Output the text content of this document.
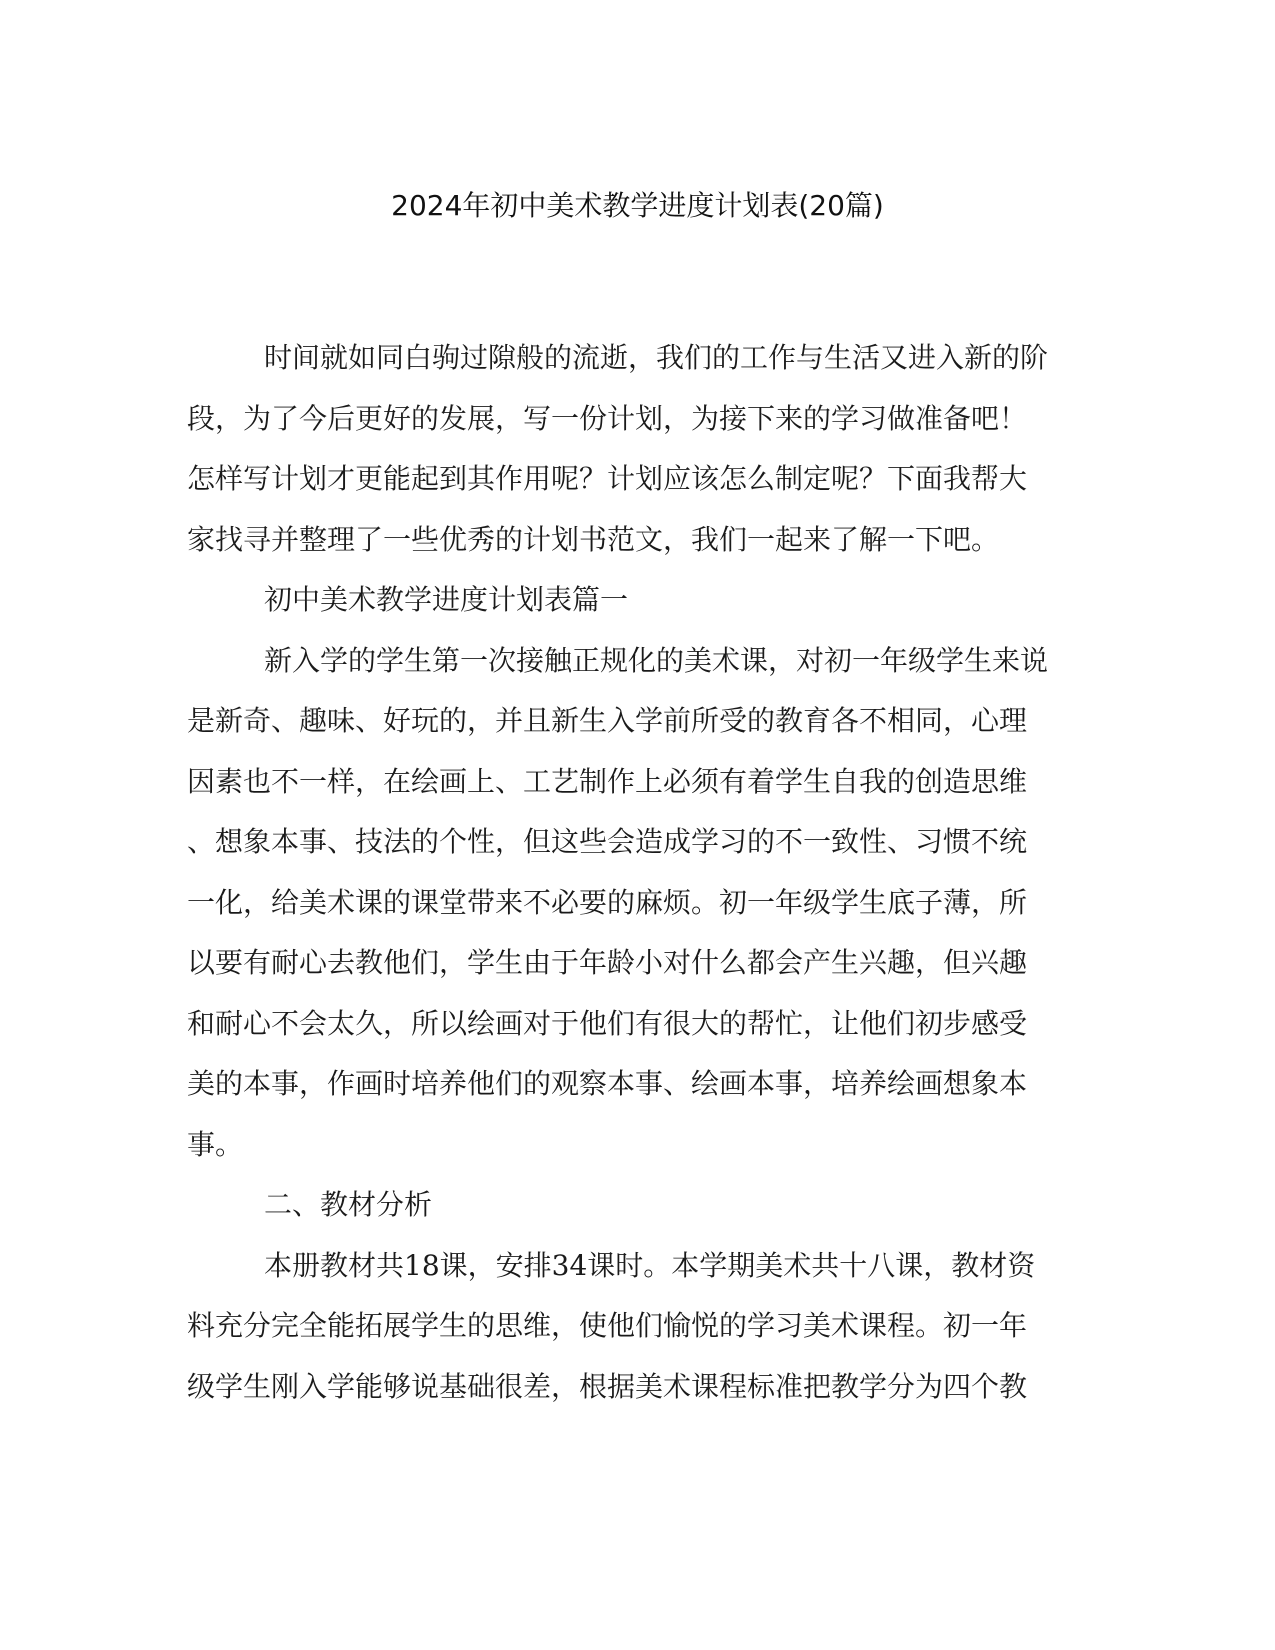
2024年初中美术教学进度计划表(20篇)
时间就如同白驹过隙般的流逝，我们的工作与生活又进入新的阶
段，为了今后更好的发展，写一份计划，为接下来的学习做准备吧！
怎样写计划才更能起到其作用呢？计划应该怎么制定呢？下面我帮大
家找寻并整理了一些优秀的计划书范文，我们一起来了解一下吧。
初中美术教学进度计划表篇一
新入学的学生第一次接触正规化的美术课，对初一年级学生来说
是新奇、趣味、好玩的，并且新生入学前所受的教育各不相同，心理
因素也不一样，在绘画上、工艺制作上必须有着学生自我的创造思维
、想象本事、技法的个性，但这些会造成学习的不一致性、习惯不统
一化，给美术课的课堂带来不必要的麻烦。初一年级学生底子薄，所
以要有耐心去教他们，学生由于年龄小对什么都会产生兴趣，但兴趣
和耐心不会太久，所以绘画对于他们有很大的帮忙，让他们初步感受
美的本事，作画时培养他们的观察本事、绘画本事，培养绘画想象本
事。
二、教材分析
本册教材共18课，安排34课时。本学期美术共十八课，教材资
料充分完全能拓展学生的思维，使他们愉悦的学习美术课程。初一年
级学生刚入学能够说基础很差，根据美术课程标准把教学分为四个教
